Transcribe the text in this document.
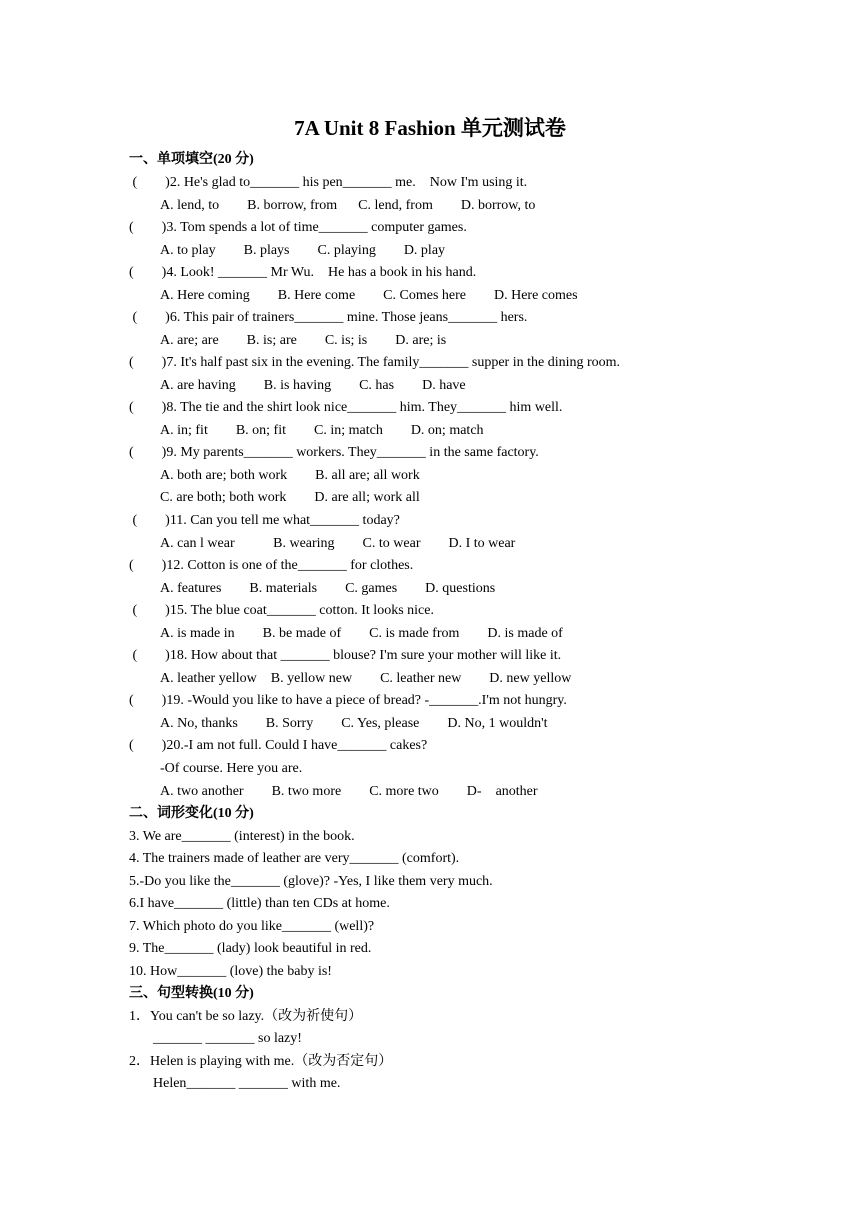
7A Unit 8 Fashion 单元测试卷
一、单项填空(20 分)
(        )2. He's glad to_______ his pen_______ me.    Now I'm using it.
A. lend, to        B. borrow, from      C. lend, from        D. borrow, to
(        )3. Tom spends a lot of time_______ computer games.
A. to play        B. plays        C. playing        D. play
(        )4. Look! _______ Mr Wu.    He has a book in his hand.
A. Here coming        B. Here come        C. Comes here        D. Here comes
(        )6. This pair of trainers_______ mine. Those jeans_______ hers.
A. are; are        B. is; are        C. is; is        D. are; is
(        )7. It's half past six in the evening. The family_______ supper in the dining room.
A. are having        B. is having        C. has        D. have
(        )8. The tie and the shirt look nice_______ him. They_______ him well.
A. in; fit        B. on; fit        C. in; match        D. on; match
(        )9. My parents_______ workers. They_______ in the same factory.
A. both are; both work        B. all are; all work
C. are both; both work        D. are all; work all
(        )11. Can you tell me what_______ today?
A. can l wear           B. wearing        C. to wear        D. I to wear
(        )12. Cotton is one of the_______ for clothes.
A. features        B. materials        C. games        D. questions
(        )15. The blue coat_______ cotton. It looks nice.
A. is made in        B. be made of        C. is made from        D. is made of
(        )18. How about that _______ blouse? I'm sure your mother will like it.
A. leather yellow    B. yellow new        C. leather new        D. new yellow
(        )19. -Would you like to have a piece of bread? -_______.I'm not hungry.
A. No, thanks        B. Sorry        C. Yes, please        D. No, 1 wouldn't
(        )20.-I am not full. Could I have_______ cakes?
-Of course. Here you are.
A. two another        B. two more        C. more two        D-    another
二、词形变化(10 分)
3. We are_______ (interest) in the book.
4. The trainers made of leather are very_______ (comfort).
5.-Do you like the_______ (glove)? -Yes, I like them very much.
6.I have_______ (little) than ten CDs at home.
7. Which photo do you like_______ (well)?
9. The_______ (lady) look beautiful in red.
10. How_______ (love) the baby is!
三、句型转换(10 分)
1．You can't be so lazy.（改为祈使句）
_______ _______ so lazy!
2．Helen is playing with me.（改为否定句）
Helen_______ _______ with me.
